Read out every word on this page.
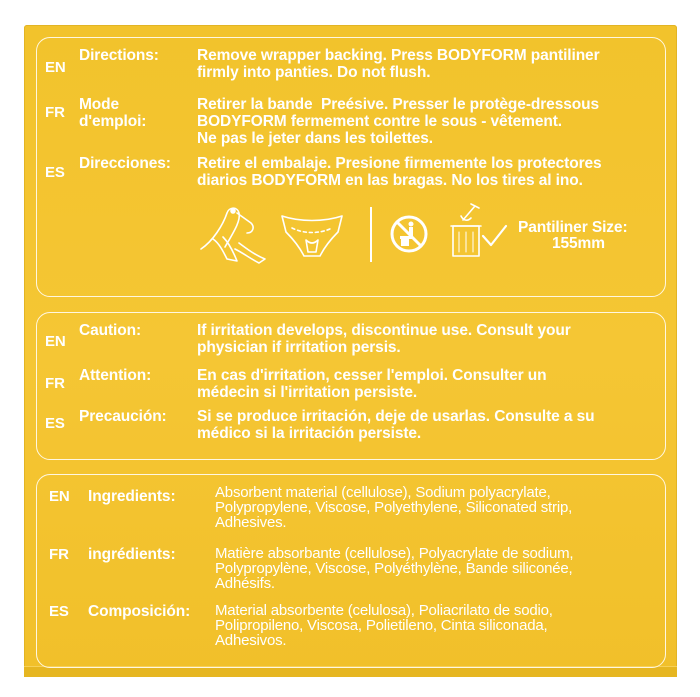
EN
Directions: Remove wrapper backing. Press BODYFORM pantiliner
firmly into panties. Do not flush.
FR Mode
d'emploi:
Retirer la bande  Preésive. Presser le protège-dressous
BODYFORM fermement contre le sous - vêtement.
Ne pas le jeter dans les toilettes.
ES
Direcciones: Retire el embalaje. Presione firmemente los protectores
diarios BODYFORM en las bragas. No los tires al ino.
Pantiliner Size:
155mm
EN
Caution:	If irritation develops, discontinue use. Consult your
physician if irritation persis.
FR Attention:	En cas d'irritation, cesser l'emploi. Consulter un
médecin si l'irritation persiste.
ES Precaución: Si se produce irritación, deje de usarlas. Consulte a su
médico si la irritación persiste.
EN Ingredients:	Absorbent material (cellulose), Sodium polyacrylate,
Polypropylene, Viscose, Polyethylene, Siliconated strip,
Adhesives.
FR ingrédients:	Matière absorbante (cellulose), Polyacrylate de sodium,
Polypropylène, Viscose, Polyéthylène, Bande siliconée,
Adhésifs.
ES Composición: Material absorbente (celulosa), Poliacrilato de sodio,
Polipropileno, Viscosa, Polietileno, Cinta siliconada,
Adhesivos.
